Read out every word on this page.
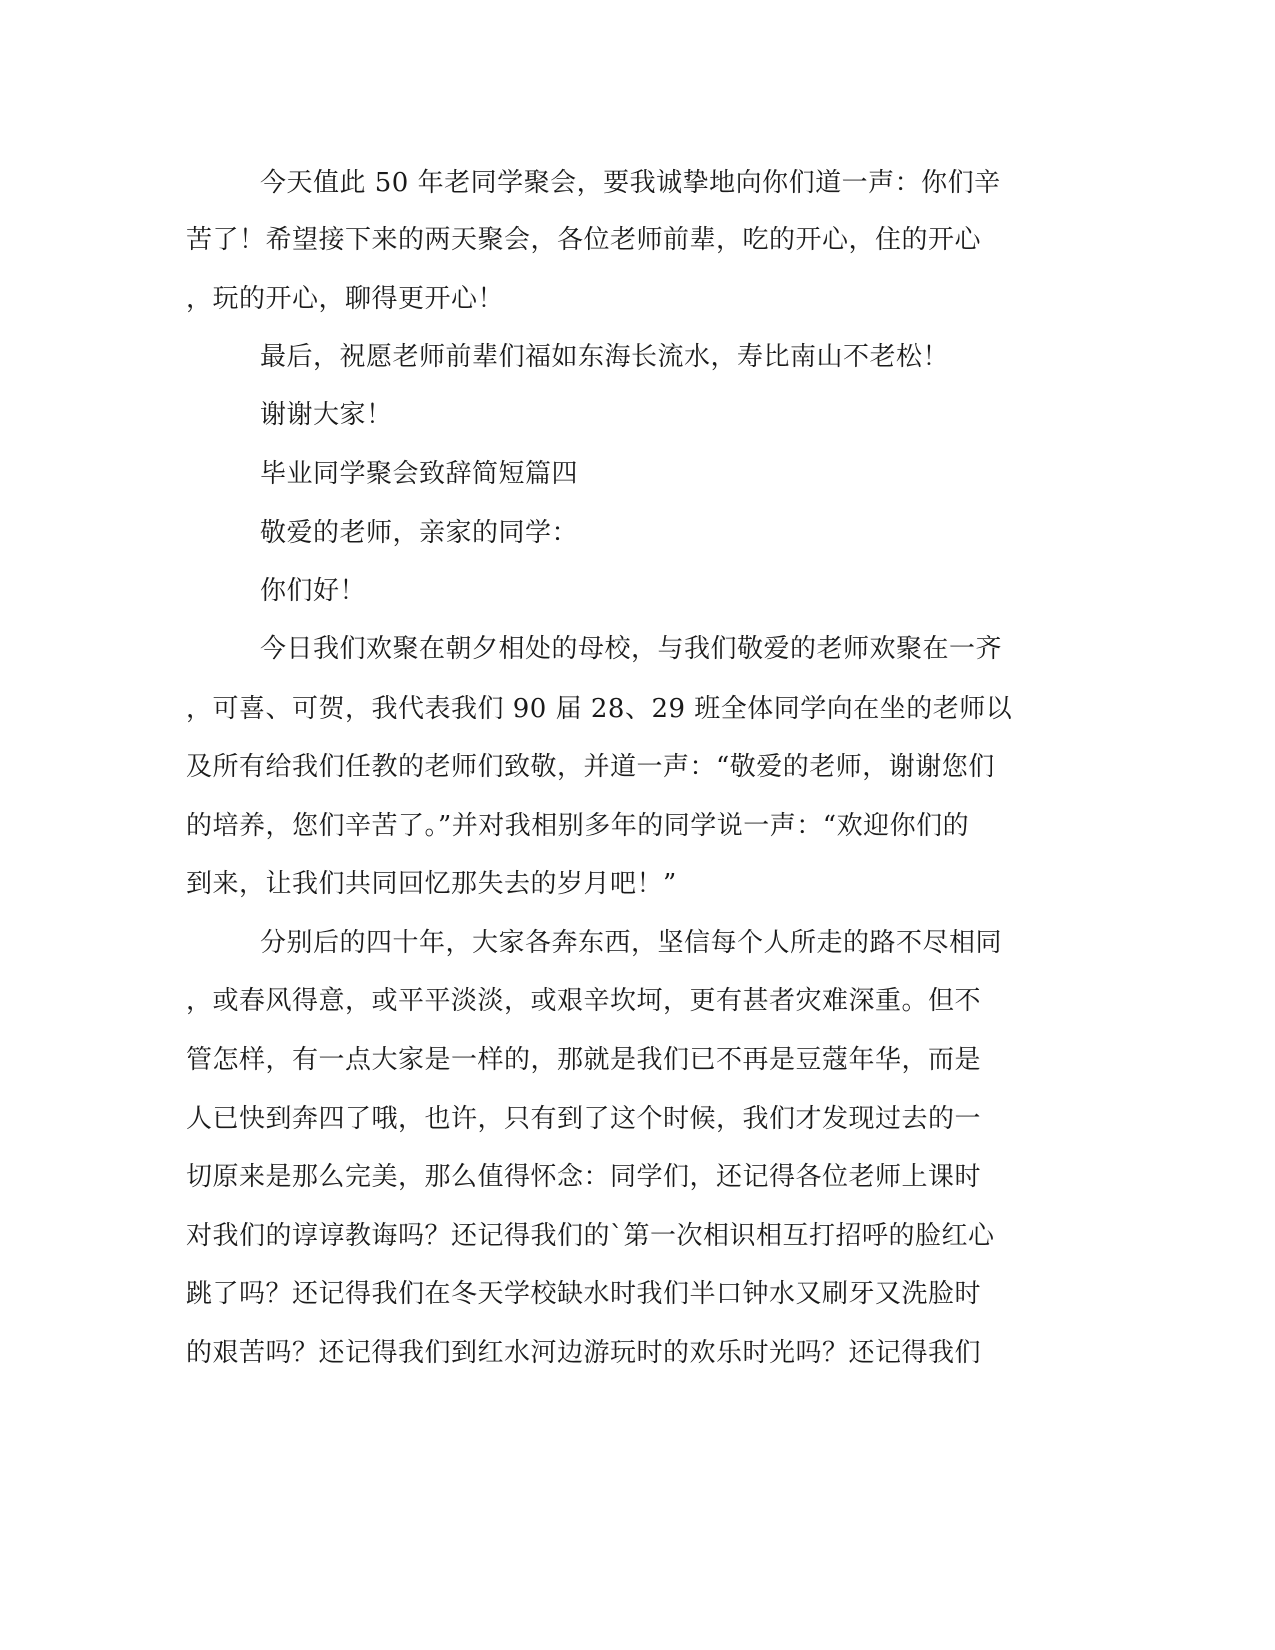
今天值此 50 年老同学聚会，要我诚挚地向你们道一声：你们辛
苦了！希望接下来的两天聚会，各位老师前辈，吃的开心，住的开心
，玩的开心，聊得更开心！
最后，祝愿老师前辈们福如东海长流水，寿比南山不老松！
谢谢大家！
毕业同学聚会致辞简短篇四
敬爱的老师，亲家的同学：
你们好！
今日我们欢聚在朝夕相处的母校，与我们敬爱的老师欢聚在一齐
，可喜、可贺，我代表我们 90 届 28、29 班全体同学向在坐的老师以
及所有给我们任教的老师们致敬，并道一声：“敬爱的老师，谢谢您们
的培养，您们辛苦了。”并对我相别多年的同学说一声：“欢迎你们的
到来，让我们共同回忆那失去的岁月吧！”
分别后的四十年，大家各奔东西，坚信每个人所走的路不尽相同
，或春风得意，或平平淡淡，或艰辛坎坷，更有甚者灾难深重。但不
管怎样，有一点大家是一样的，那就是我们已不再是豆蔻年华，而是
人已快到奔四了哦，也许，只有到了这个时候，我们才发现过去的一
切原来是那么完美，那么值得怀念：同学们，还记得各位老师上课时
对我们的谆谆教诲吗？还记得我们的`第一次相识相互打招呼的脸红心
跳了吗？还记得我们在冬天学校缺水时我们半口钟水又刷牙又洗脸时
的艰苦吗？还记得我们到红水河边游玩时的欢乐时光吗？还记得我们
